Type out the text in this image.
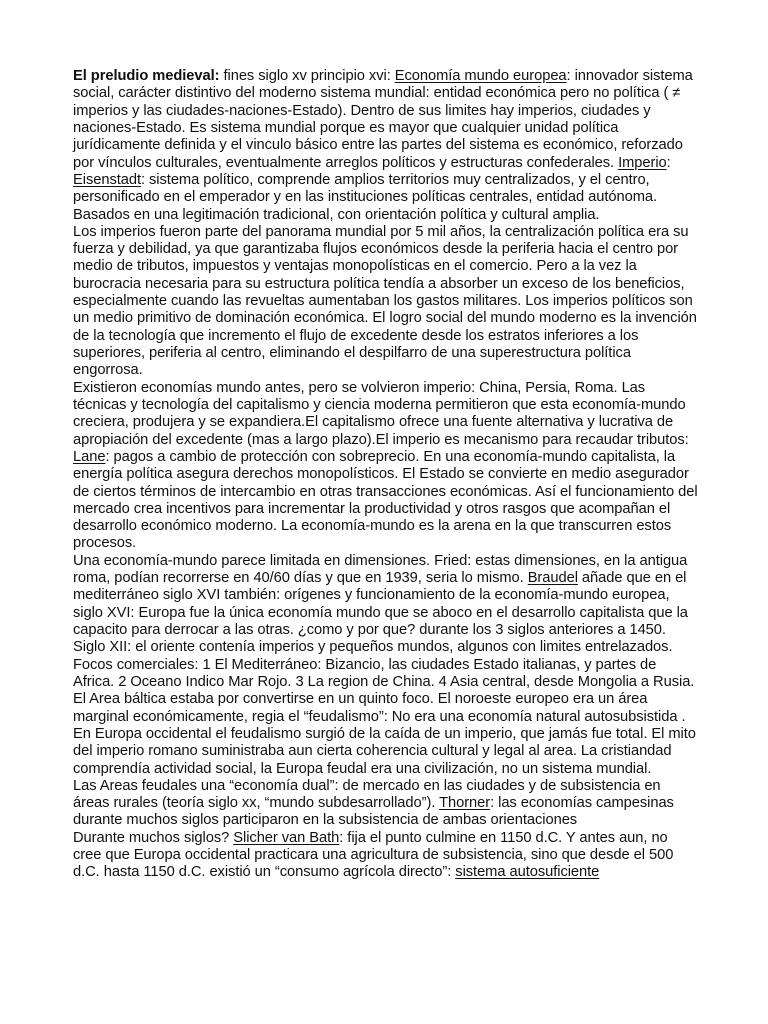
El preludio medieval: fines siglo xv principio xvi: Economía mundo europea: innovador sistema social, carácter distintivo del moderno sistema mundial: entidad económica pero no política ( ≠ imperios y las ciudades-naciones-Estado). Dentro de sus limites hay imperios, ciudades y naciones-Estado. Es sistema mundial porque es mayor que cualquier unidad política jurídicamente definida y el vinculo básico entre las partes del sistema es económico, reforzado por vínculos culturales, eventualmente arreglos políticos y estructuras confederales. Imperio: Eisenstadt: sistema político, comprende amplios territorios muy centralizados, y el centro, personificado en el emperador y en las instituciones políticas centrales, entidad autónoma. Basados en una legitimación tradicional, con orientación política y cultural amplia.

Los imperios fueron parte del panorama mundial por 5 mil años, la centralización política era su fuerza y debilidad, ya que garantizaba flujos económicos desde la periferia hacia el centro por medio de tributos, impuestos y ventajas monopolísticas en el comercio. Pero a la vez la burocracia necesaria para su estructura política tendía a absorber un exceso de los beneficios, especialmente cuando las revueltas aumentaban los gastos militares. Los imperios políticos son un medio primitivo de dominación económica. El logro social del mundo moderno es la invención de la tecnología que incremento el flujo de excedente desde los estratos inferiores a los superiores, periferia al centro, eliminando el despilfarro de una superestructura política engorrosa.

Existieron economías mundo antes, pero se volvieron imperio: China, Persia, Roma. Las técnicas y tecnología del capitalismo y ciencia moderna permitieron que esta economía-mundo creciera, produjera y se expandiera.El capitalismo ofrece una fuente alternativa y lucrativa de apropiación del excedente (mas a largo plazo).El imperio es mecanismo para recaudar tributos: Lane: pagos a cambio de protección con sobreprecio. En una economía-mundo capitalista, la energía política asegura derechos monopolísticos. El Estado se convierte en medio asegurador de ciertos términos de intercambio en otras transacciones económicas. Así el funcionamiento del mercado crea incentivos para incrementar la productividad y otros rasgos que acompañan el desarrollo económico moderno. La economía-mundo es la arena en la que transcurren estos procesos.

Una economía-mundo parece limitada en dimensiones. Fried: estas dimensiones, en la antigua roma, podían recorrerse en 40/60 días y que en 1939, seria lo mismo. Braudel añade que en el mediterráneo siglo XVI también: orígenes y funcionamiento de la economía-mundo europea, siglo XVI: Europa fue la única economía mundo que se aboco en el desarrollo capitalista que la capacito para derrocar a las otras. ¿como y por que? durante los 3 siglos anteriores a 1450. Siglo XII: el oriente contenía imperios y pequeños mundos, algunos con limites entrelazados. Focos comerciales: 1 El Mediterráneo: Bizancio, las ciudades Estado italianas, y partes de Africa. 2 Oceano Indico Mar Rojo. 3 La region de China. 4 Asia central, desde Mongolia a Rusia. El Area báltica estaba por convertirse en un quinto foco. El noroeste europeo era un área marginal económicamente, regia el “feudalismo”: No era una economía natural autosubsistida . En Europa occidental el feudalismo surgió de la caída de un imperio, que jamás fue total. El mito del imperio romano suministraba aun cierta coherencia cultural y legal al area. La cristiandad comprendía actividad social, la Europa feudal era una civilización, no un sistema mundial.

Las Areas feudales una “economía dual”: de mercado en las ciudades y de subsistencia en áreas rurales (teoría siglo xx, “mundo subdesarrollado”). Thorner: las economías campesinas durante muchos siglos participaron en la subsistencia de ambas orientaciones

Durante muchos siglos? Slicher van Bath: fija el punto culmine en 1150 d.C. Y antes aun, no cree que Europa occidental practicara una agricultura de subsistencia, sino que desde el 500 d.C. hasta 1150 d.C. existió un “consumo agrícola directo”: sistema autosuficiente
